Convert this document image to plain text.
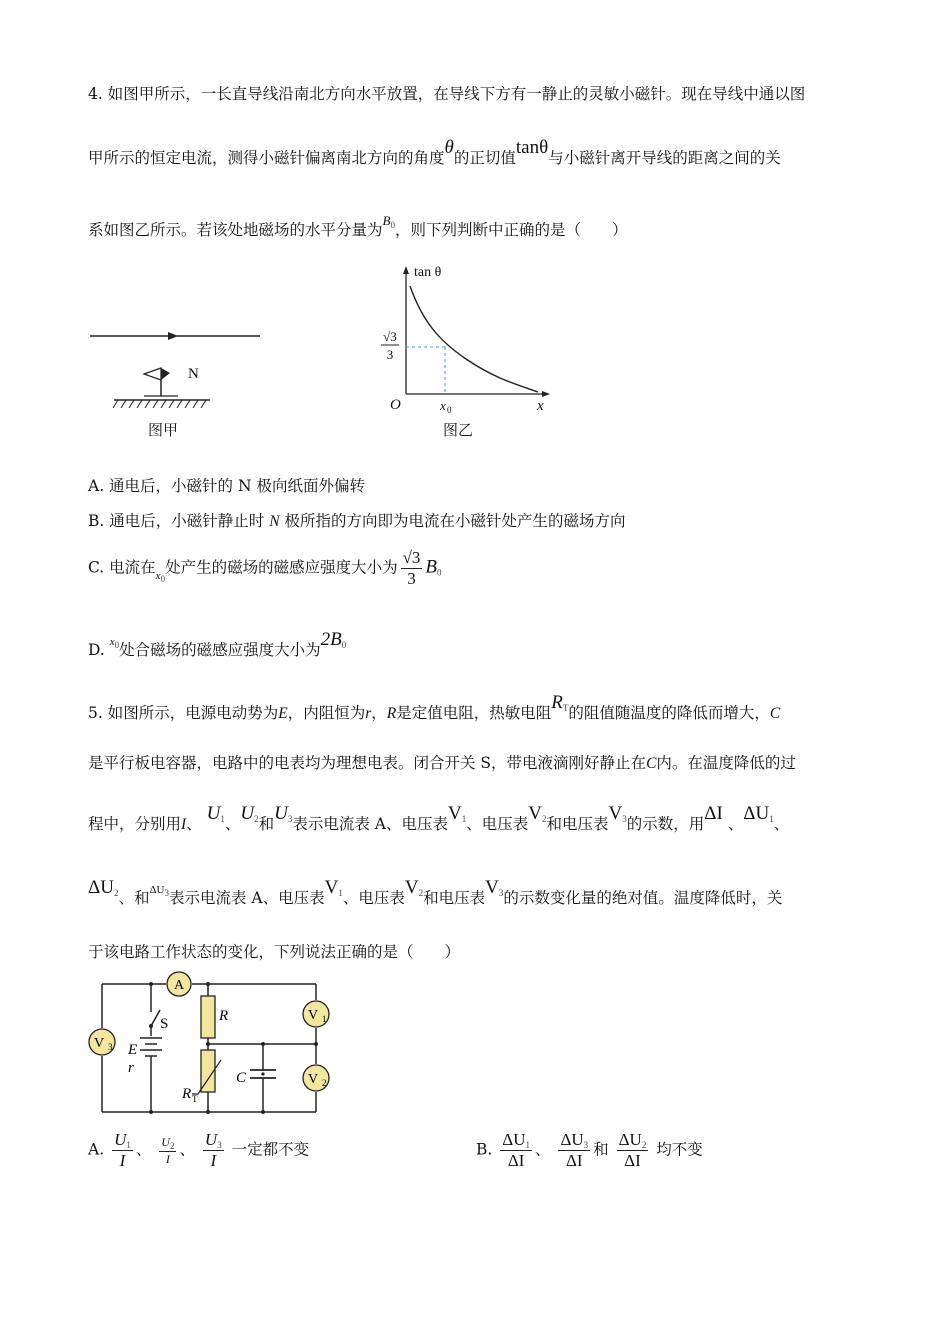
4. 如图甲所示，一长直导线沿南北方向水平放置，在导线下方有一静止的灵敏小磁针。现在导线中通以图
甲所示的恒定电流，测得小磁针偏离南北方向的角度θ的正切值tanθ与小磁针离开导线的距离之间的关
系如图乙所示。若该处地磁场的水平分量为$B_0$，则下列判断中正确的是（　　）
N
图甲
tan θ
√3
3
O	x 0	x
图乙
A. 通电后，小磁针的 N 极向纸面外偏转
B. 通电后，小磁针静止时 N 极所指的方向即为电流在小磁针处产生的磁场方向
C. 电流在$x_0$处产生的磁场的磁感应强度大小为 $\frac{√3}{3} B_0$
D. $x_0$处合磁场的磁感应强度大小为$2B_0$
5. 如图所示，电源电动势为E，内阻恒为r，R是定值电阻，热敏电阻$R_T$的阻值随温度的降低而增大，C
是平行板电容器，电路中的电表均为理想电表。闭合开关 S，带电液滴刚好静止在C内。在温度降低的过
程中，分别用I、 $U_1$、$U_2$和$U_3$表示电流表 A、电压表$V_1$、电压表$V_2$和电压表$V_3$的示数，用ΔI 、$\Delta U_1$、
$\Delta U_2$、和$\Delta U_3$表示电流表 A、电压表$V_1$、电压表$V_2$和电压表$V_3$的示数变化量的绝对值。温度降低时，关
于该电路工作状态的变化，下列说法正确的是（　　）
A
V 1
V 2
V 3
S	R
E
r
C
R T
A. $\frac{U_1}{I}$ 、 $\frac{U_2}{I}$ 、 $\frac{U_3}{I}$ 一定都不变	B. $\frac{\Delta U_1}{\Delta I}$ 、 $\frac{\Delta U_3}{\Delta I}$ 和 $\frac{\Delta U_2}{\Delta I}$ 均不变
